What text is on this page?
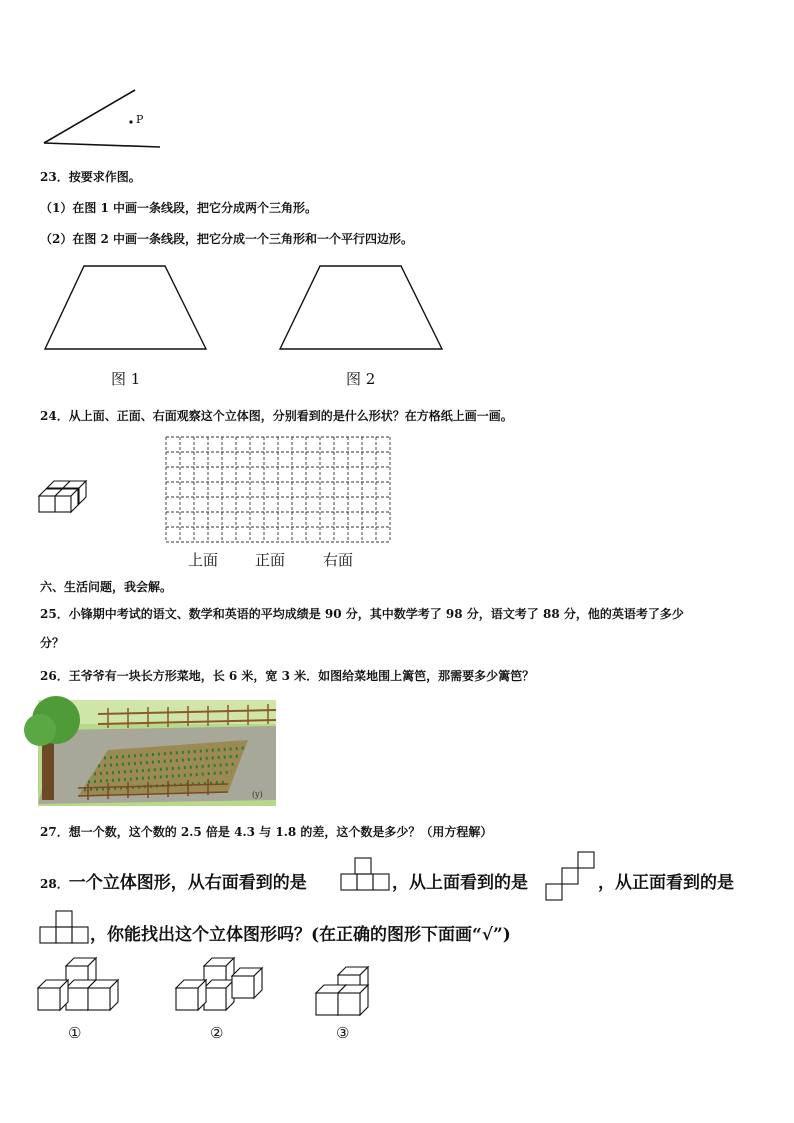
P
23．按要求作图。
（1）在图 1 中画一条线段，把它分成两个三角形。
（2）在图 2 中画一条线段，把它分成一个三角形和一个平行四边形。
图 1	图 2
24．从上面、正面、右面观察这个立体图，分别看到的是什么形状？在方格纸上画一画。
上面 正面	右面
六、生活问题，我会解。
25．小锋期中考试的语文、数学和英语的平均成绩是 90 分，其中数学考了 98 分，语文考了 88 分，他的英语考了多少
分？
26．王爷爷有一块长方形菜地，长 6 米，宽 3 米．如图给菜地围上篱笆，那需要多少篱笆？
(y)
27．想一个数，这个数的 2.5 倍是 4.3 与 1.8 的差，这个数是多少？（用方程解）
28．一个立体图形，从右面看到的是	，从上面看到的是	，从正面看到的是
，你能找出这个立体图形吗？(在正确的图形下面画“√”)
①	②	③
